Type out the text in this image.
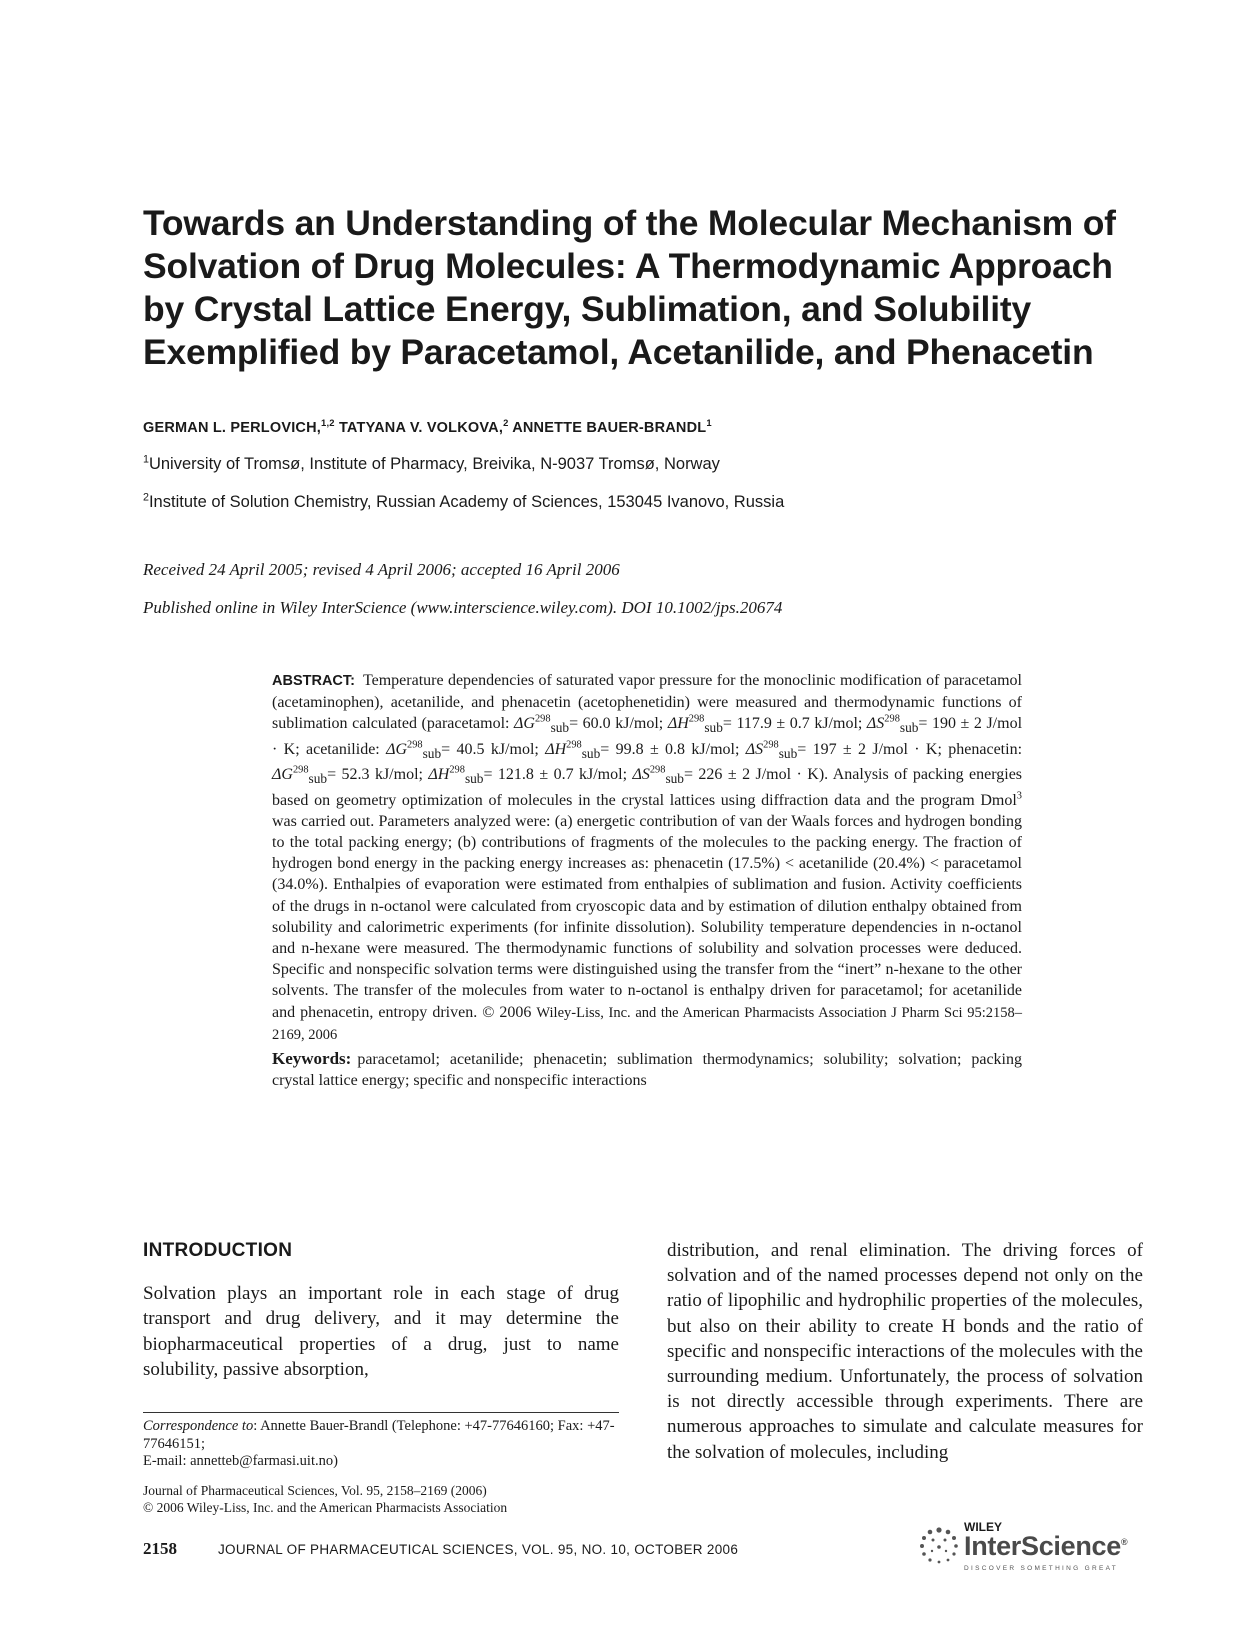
Towards an Understanding of the Molecular Mechanism of
Solvation of Drug Molecules: A Thermodynamic Approach
by Crystal Lattice Energy, Sublimation, and Solubility
Exemplified by Paracetamol, Acetanilide, and Phenacetin
GERMAN L. PERLOVICH,$^{1,2}$ TATYANA V. VOLKOVA,$^2$ ANNETTE BAUER-BRANDL$^1$
$^1$University of Tromsø, Institute of Pharmacy, Breivika, N-9037 Tromsø, Norway
$^2$Institute of Solution Chemistry, Russian Academy of Sciences, 153045 Ivanovo, Russia
Received 24 April 2005; revised 4 April 2006; accepted 16 April 2006
Published online in Wiley InterScience (www.interscience.wiley.com). DOI 10.1002/jps.20674
ABSTRACT: Temperature dependencies of saturated vapor pressure for the monoclinic modification of paracetamol (acetaminophen), acetanilide, and phenacetin (acetophenetidin) were measured and thermodynamic functions of sublimation calculated (paracetamol: $\Delta G^{298}_{sub}= 60.0$ kJ/mol; $\Delta H^{298}_{sub}= 117.9 \pm 0.7$ kJ/mol; $\Delta S^{298}_{sub}= 190 \pm 2$ J/mol · K; acetanilide: $\Delta G^{298}_{sub}= 40.5$ kJ/mol; $\Delta H^{298}_{sub}= 99.8 \pm 0.8$ kJ/mol; $\Delta S^{298}_{sub}= 197 \pm 2$ J/mol · K; phenacetin: $\Delta G^{298}_{sub}= 52.3$ kJ/mol; $\Delta H^{298}_{sub}= 121.8 \pm 0.7$ kJ/mol; $\Delta S^{298}_{sub}= 226 \pm 2$ J/mol · K). Analysis of packing energies based on geometry optimization of molecules in the crystal lattices using diffraction data and the program Dmol$^3$ was carried out. Parameters analyzed were: (a) energetic contribution of van der Waals forces and hydrogen bonding to the total packing energy; (b) contributions of fragments of the molecules to the packing energy. The fraction of hydrogen bond energy in the packing energy increases as: phenacetin (17.5%) < acetanilide (20.4%) < paracetamol (34.0%). Enthalpies of evaporation were estimated from enthalpies of sublimation and fusion. Activity coefficients of the drugs in n-octanol were calculated from cryoscopic data and by estimation of dilution enthalpy obtained from solubility and calorimetric experiments (for infinite dissolution). Solubility temperature dependencies in n-octanol and n-hexane were measured. The thermodynamic functions of solubility and solvation processes were deduced. Specific and nonspecific solvation terms were distinguished using the transfer from the “inert” n-hexane to the other solvents. The transfer of the molecules from water to n-octanol is enthalpy driven for paracetamol; for acetanilide and phenacetin, entropy driven. © 2006 Wiley-Liss, Inc. and the American Pharmacists Association J Pharm Sci 95:2158–2169, 2006
Keywords: paracetamol; acetanilide; phenacetin; sublimation thermodynamics; solubility; solvation; packing crystal lattice energy; specific and nonspecific interactions
INTRODUCTION
Solvation plays an important role in each stage of drug transport and drug delivery, and it may determine the biopharmaceutical properties of a drug, just to name solubility, passive absorption,
distribution, and renal elimination. The driving forces of solvation and of the named processes depend not only on the ratio of lipophilic and hydrophilic properties of the molecules, but also on their ability to create H bonds and the ratio of specific and nonspecific interactions of the molecules with the surrounding medium. Unfortunately, the process of solvation is not directly accessible through experiments. There are numerous approaches to simulate and calculate measures for the solvation of molecules, including
Correspondence to: Annette Bauer-Brandl (Telephone: +47-77646160; Fax: +47-77646151;
E-mail: annetteb@farmasi.uit.no)
Journal of Pharmaceutical Sciences, Vol. 95, 2158–2169 (2006)
© 2006 Wiley-Liss, Inc. and the American Pharmacists Association
2158	JOURNAL OF PHARMACEUTICAL SCIENCES, VOL. 95, NO. 10, OCTOBER 2006
WILEY
InterScience®
DISCOVER SOMETHING GREAT
